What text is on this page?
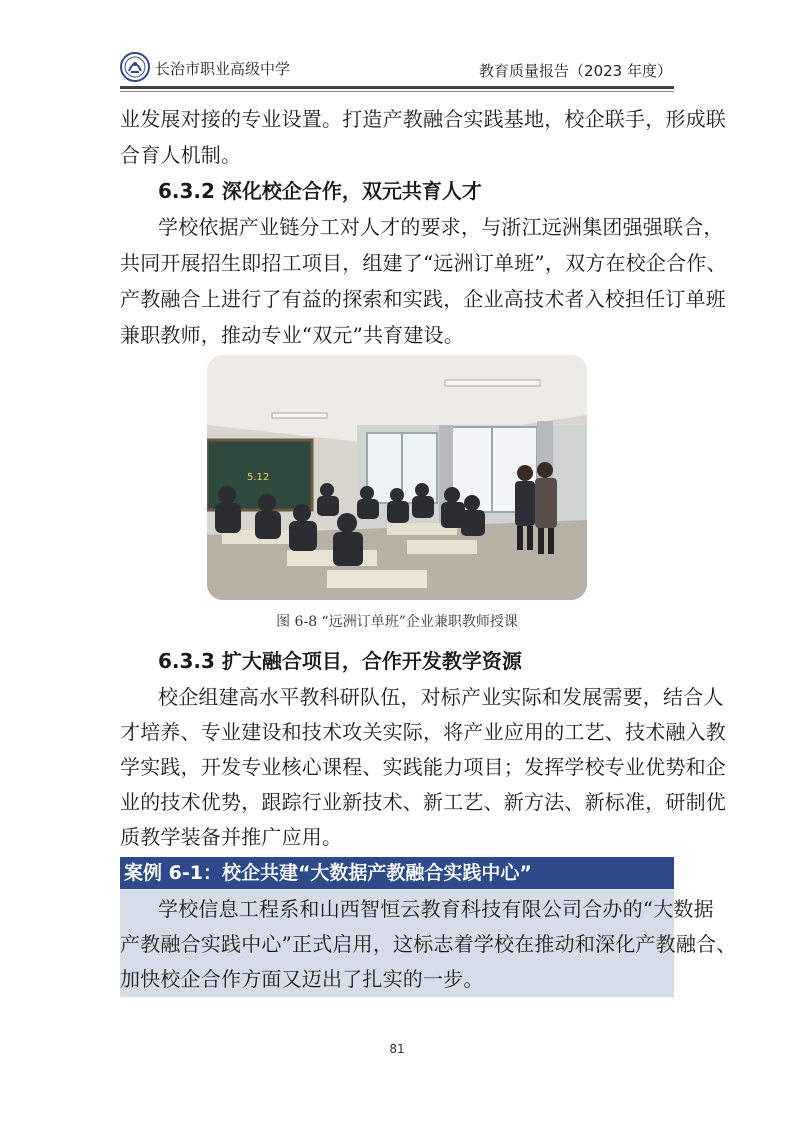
长治市职业高级中学	教育质量报告（2023 年度）
业发展对接的专业设置。打造产教融合实践基地，校企联手，形成联
合育人机制。
6.3.2 深化校企合作，双元共育人才
学校依据产业链分工对人才的要求，与浙江远洲集团强强联合，
共同开展招生即招工项目，组建了“远洲订单班”，双方在校企合作、
产教融合上进行了有益的探索和实践，企业高技术者入校担任订单班
兼职教师，推动专业“双元”共育建设。
5.12
图 6-8 “远洲订单班”企业兼职教师授课
6.3.3 扩大融合项目，合作开发教学资源
校企组建高水平教科研队伍，对标产业实际和发展需要，结合人
才培养、专业建设和技术攻关实际，将产业应用的工艺、技术融入教
学实践，开发专业核心课程、实践能力项目；发挥学校专业优势和企
业的技术优势，跟踪行业新技术、新工艺、新方法、新标准，研制优
质教学装备并推广应用。
案例 6-1：校企共建“大数据产教融合实践中心”
学校信息工程系和山西智恒云教育科技有限公司合办的“大数据
产教融合实践中心”正式启用，这标志着学校在推动和深化产教融合、
加快校企合作方面又迈出了扎实的一步。
81
